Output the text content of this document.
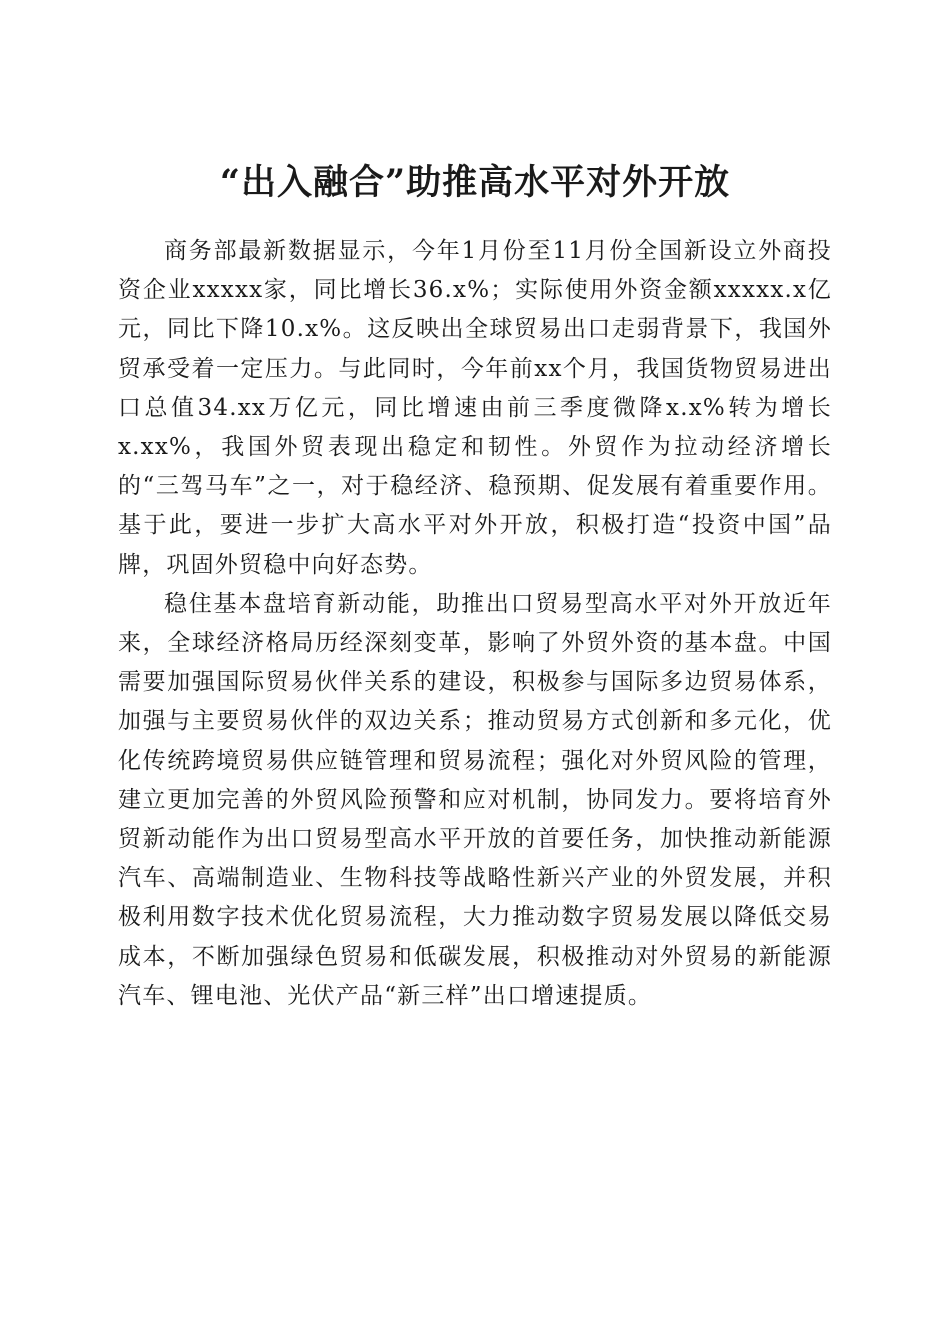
“出入融合”助推高水平对外开放

商务部最新数据显示，今年1月份至11月份全国新设立外商投资企业xxxxx家，同比增长36.x%；实际使用外资金额xxxxx.x亿元，同比下降10.x%。这反映出全球贸易出口走弱背景下，我国外贸承受着一定压力。与此同时，今年前xx个月，我国货物贸易进出口总值34.xx万亿元，同比增速由前三季度微降x.x%转为增长x.xx%，我国外贸表现出稳定和韧性。外贸作为拉动经济增长的“三驾马车”之一，对于稳经济、稳预期、促发展有着重要作用。基于此，要进一步扩大高水平对外开放，积极打造“投资中国”品牌，巩固外贸稳中向好态势。

稳住基本盘培育新动能，助推出口贸易型高水平对外开放近年来，全球经济格局历经深刻变革，影响了外贸外资的基本盘。中国需要加强国际贸易伙伴关系的建设，积极参与国际多边贸易体系，加强与主要贸易伙伴的双边关系；推动贸易方式创新和多元化，优化传统跨境贸易供应链管理和贸易流程；强化对外贸风险的管理，建立更加完善的外贸风险预警和应对机制，协同发力。要将培育外贸新动能作为出口贸易型高水平开放的首要任务，加快推动新能源汽车、高端制造业、生物科技等战略性新兴产业的外贸发展，并积极利用数字技术优化贸易流程，大力推动数字贸易发展以降低交易成本，不断加强绿色贸易和低碳发展，积极推动对外贸易的新能源汽车、锂电池、光伏产品“新三样”出口增速提质。
